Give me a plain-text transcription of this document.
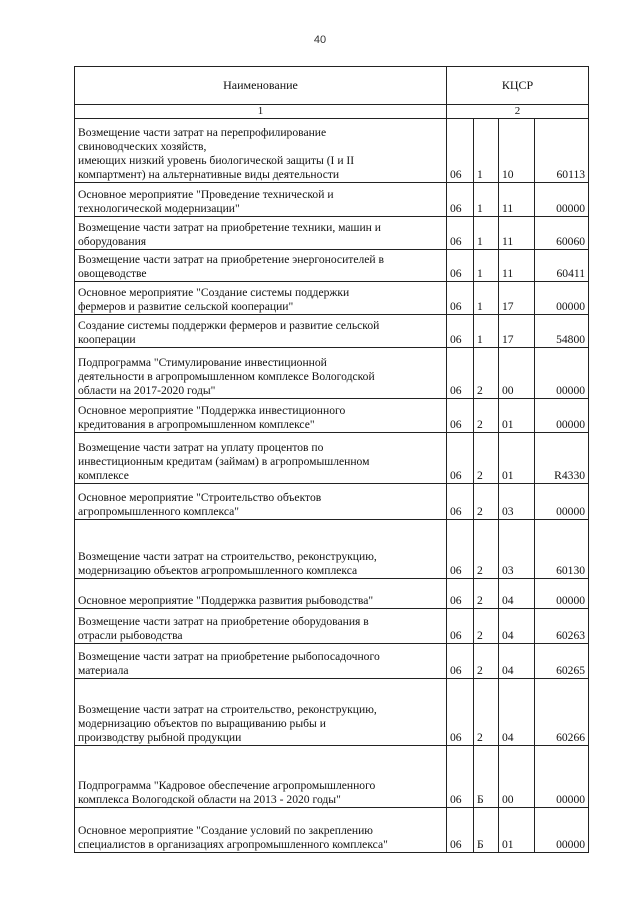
40
Наименование	КЦСР			
1	2			

Возмещение части затрат на перепрофилирование
свиноводческих хозяйств,
имеющих низкий уровень биологической защиты (I и II
компартмент) на альтернативные виды деятельности	06	1	10	60113

Основное мероприятие "Проведение технической и
технологической модернизации"	06	1	11	00000

Возмещение части затрат на приобретение техники, машин и
оборудования	06	1	11	60060

Возмещение части затрат на приобретение энергоносителей в
овощеводстве	06	1	11	60411

Основное мероприятие "Создание системы поддержки
фермеров и развитие сельской кооперации"	06	1	17	00000

Создание системы поддержки фермеров и развитие сельской
кооперации	06	1	17	54800

Подпрограмма "Стимулирование инвестиционной
деятельности в агропромышленном комплексе Вологодской
области на 2017-2020 годы"	06	2	00	00000

Основное мероприятие "Поддержка инвестиционного
кредитования в агропромышленном комплексе"	06	2	01	00000

Возмещение части затрат на уплату процентов по
инвестиционным кредитам (займам) в агропромышленном
комплексе	06	2	01	R4330

Основное мероприятие "Строительство объектов
агропромышленного комплекса"	06	2	03	00000

Возмещение части затрат на строительство, реконструкцию,
модернизацию объектов агропромышленного комплекса	06	2	03	60130

Основное мероприятие "Поддержка развития рыбоводства"	06	2	04	00000

Возмещение части затрат на приобретение оборудования в
отрасли рыбоводства	06	2	04	60263

Возмещение части затрат на приобретение рыбопосадочного
материала	06	2	04	60265

Возмещение части затрат на строительство, реконструкцию,
модернизацию объектов по выращиванию рыбы и
производству рыбной продукции	06	2	04	60266

Подпрограмма "Кадровое обеспечение агропромышленного
комплекса Вологодской области на 2013 - 2020 годы"	06	Б	00	00000

Основное мероприятие "Создание условий по закреплению
специалистов в организациях агропромышленного комплекса"	06	Б	01	00000
